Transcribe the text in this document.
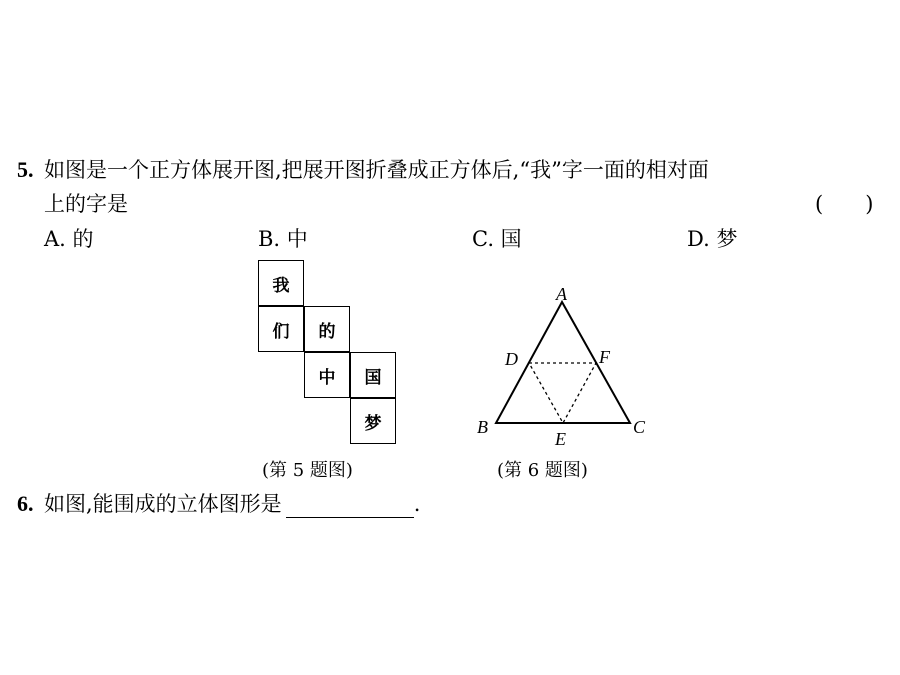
5. 如图是一个正方体展开图,把展开图折叠成正方体后,“我”字一面的相对面
上的字是	(　　)
A. 的	B. 中	C. 国	D. 梦
我
们	的
中	国
梦
(第 5 题图)
A
D	F
B
E
C
(第 6 题图)
6. 如图,能围成的立体图形是	.
